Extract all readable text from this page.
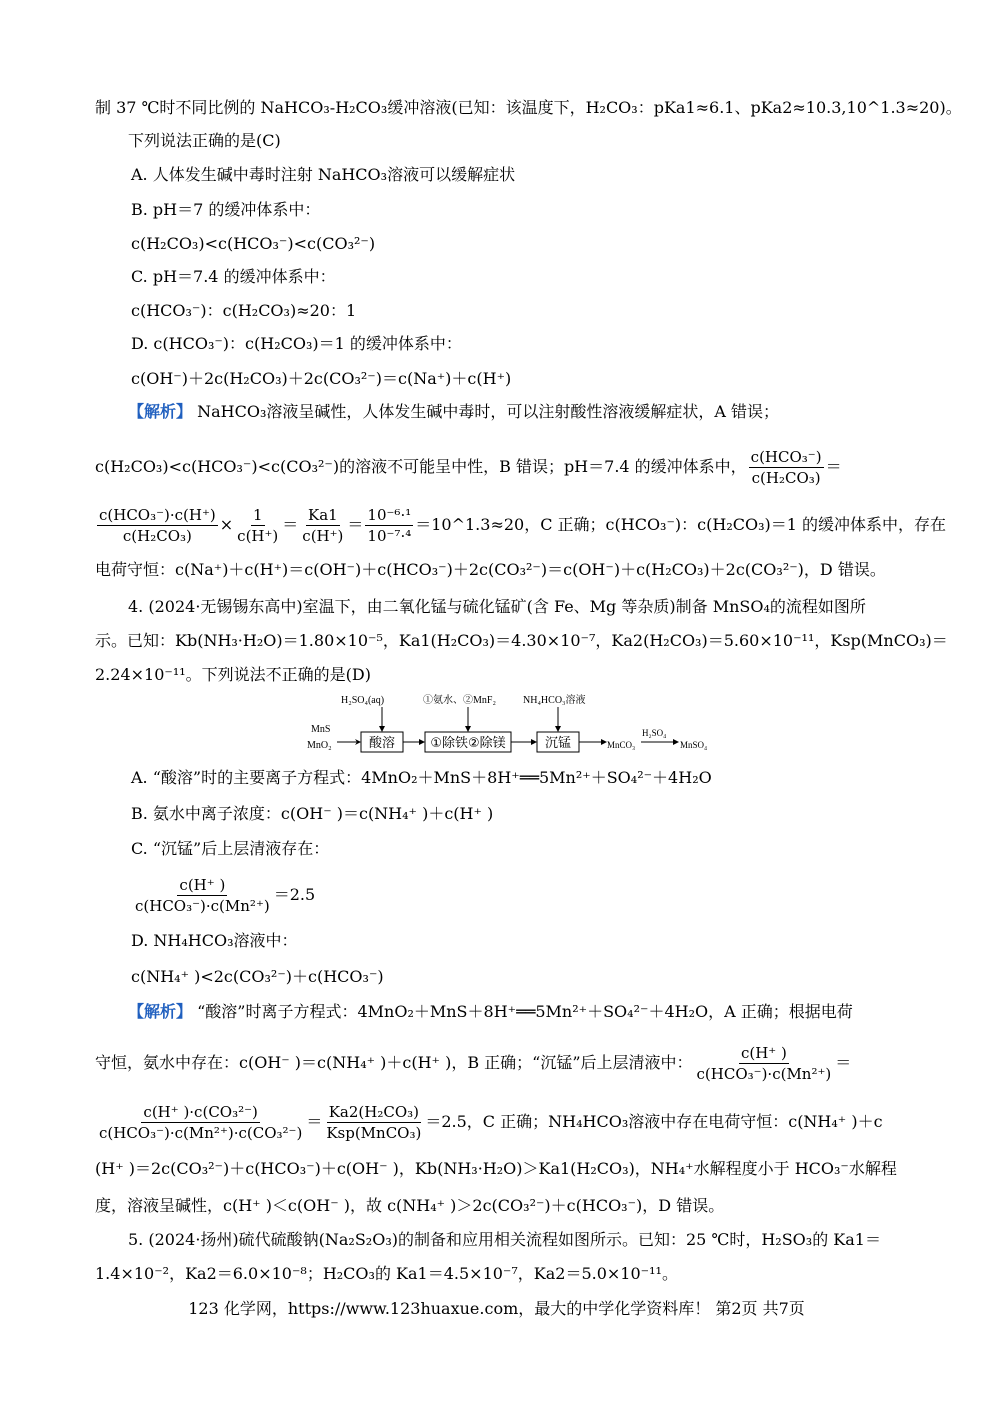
制 37 ℃时不同比例的 NaHCO₃-H₂CO₃缓冲溶液(已知：该温度下，H₂CO₃：pKa1≈6.1、pKa2≈10.3,10^1.3≈20)。
下列说法正确的是(C)
A. 人体发生碱中毒时注射 NaHCO₃溶液可以缓解症状
B. pH＝7 的缓冲体系中：
c(H₂CO₃)<c(HCO₃⁻)<c(CO₃²⁻)
C. pH＝7.4 的缓冲体系中：
c(HCO₃⁻)：c(H₂CO₃)≈20：1
D. c(HCO₃⁻)：c(H₂CO₃)＝1 的缓冲体系中：
c(OH⁻)＋2c(H₂CO₃)＋2c(CO₃²⁻)＝c(Na⁺)＋c(H⁺)
【解析】 NaHCO₃溶液呈碱性，人体发生碱中毒时，可以注射酸性溶液缓解症状，A 错误；
c(H₂CO₃)<c(HCO₃⁻)<c(CO₃²⁻)的溶液不可能呈中性，B 错误；pH＝7.4 的缓冲体系中， $\frac{\text{c(HCO₃⁻)}}{\text{c(H₂CO₃)}}$ ＝
$\frac{\text{c(HCO₃⁻)·c(H⁺)}}{\text{c(H₂CO₃)}} \times \frac{1}{c(H^+)} = \frac{Ka1}{c(H^+)} = \frac{\text{10⁻⁶·¹}}{\text{10⁻⁷·⁴}}$ ＝10^1.3≈20，C 正确；c(HCO₃⁻)：c(H₂CO₃)＝1 的缓冲体系中，存在
电荷守恒：c(Na⁺)＋c(H⁺)＝c(OH⁻)＋c(HCO₃⁻)＋2c(CO₃²⁻)＝c(OH⁻)＋c(H₂CO₃)＋2c(CO₃²⁻)，D 错误。
4. (2024·无锡锡东高中)室温下，由二氧化锰与硫化锰矿(含 Fe、Mg 等杂质)制备 MnSO₄的流程如图所
示。已知：Kb(NH₃·H₂O)＝1.80×10⁻⁵，Ka1(H₂CO₃)＝4.30×10⁻⁷，Ka2(H₂CO₃)＝5.60×10⁻¹¹，Ksp(MnCO₃)＝
2.24×10⁻¹¹。下列说法不正确的是(D)
H₂SO₄(aq)	①氨水、②MnF₂	NH₄HCO₃溶液
MnS
MnO₂
H₂SO₄
MnCO₃	MnSO₄
酸溶	①除铁②除镁	沉锰
A. “酸溶”时的主要离子方程式：4MnO₂＋MnS＋8H⁺══5Mn²⁺＋SO₄²⁻＋4H₂O
B. 氨水中离子浓度：c(OH⁻ )＝c(NH₄⁺ )＋c(H⁺ )
C. “沉锰”后上层清液存在：
$\frac{c(H^+ )}{\text{c(HCO₃⁻)·c(Mn²⁺)}} =2.5$
D. NH₄HCO₃溶液中：
c(NH₄⁺ )<2c(CO₃²⁻)＋c(HCO₃⁻)
【解析】 “酸溶”时离子方程式：4MnO₂＋MnS＋8H⁺══5Mn²⁺＋SO₄²⁻＋4H₂O，A 正确；根据电荷
守恒，氨水中存在：c(OH⁻ )＝c(NH₄⁺ )＋c(H⁺ )，B 正确；“沉锰”后上层清液中： $\frac{c(H^+ )}{\text{c(HCO₃⁻)·c(Mn²⁺)}}$ ＝
$\frac{\text{c(H⁺ )·c(CO₃²⁻)}}{\text{c(HCO₃⁻)·c(Mn²⁺)·c(CO₃²⁻)}} = \frac{\text{Ka2(H₂CO₃)}}{\text{Ksp(MnCO₃)}} =2.5$，C 正确；NH₄HCO₃溶液中存在电荷守恒：c(NH₄⁺ )＋c
(H⁺ )＝2c(CO₃²⁻)＋c(HCO₃⁻)＋c(OH⁻ )，Kb(NH₃·H₂O)＞Ka1(H₂CO₃)，NH₄⁺水解程度小于 HCO₃⁻水解程
度，溶液呈碱性，c(H⁺ )＜c(OH⁻ )，故 c(NH₄⁺ )＞2c(CO₃²⁻)＋c(HCO₃⁻)，D 错误。
5. (2024·扬州)硫代硫酸钠(Na₂S₂O₃)的制备和应用相关流程如图所示。已知：25 ℃时，H₂SO₃的 Ka1＝
1.4×10⁻²，Ka2＝6.0×10⁻⁸；H₂CO₃的 Ka1＝4.5×10⁻⁷，Ka2＝5.0×10⁻¹¹。
123 化学网，https://www.123huaxue.com，最大的中学化学资料库！ 第2页 共7页
